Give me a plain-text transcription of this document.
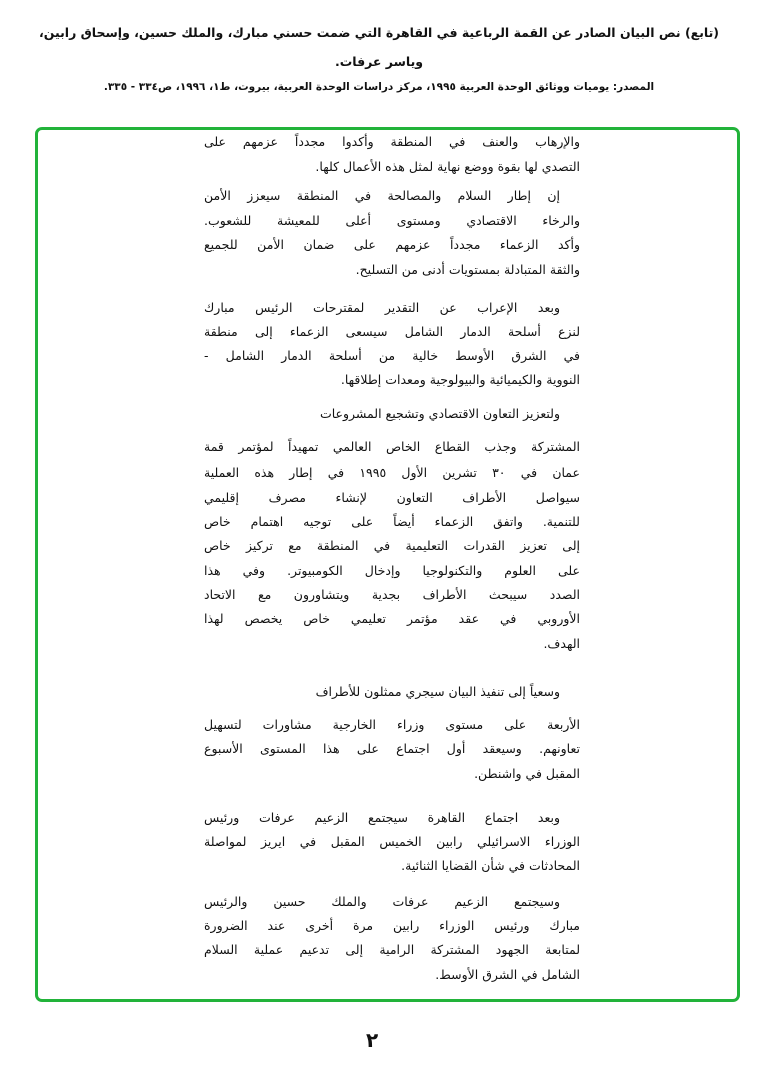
(تابع) نص البيان الصادر عن القمة الرباعية في القاهرة التي ضمت حسني مبارك، والملك حسين، وإسحاق رابين،
وياسر عرفات.
المصدر: يوميات ووثائق الوحدة العربية ١٩٩٥، مركز دراسات الوحدة العربية، بيروت، ط١، ١٩٩٦، ص٣٣٤ - ٣٣٥.
والإرهاب والعنف في المنطقة وأكدوا مجدداً عزمهم على
التصدي لها بقوة ووضع نهاية لمثل هذه الأعمال كلها.
إن إطار السلام والمصالحة في المنطقة سيعزز الأمن
والرخاء الاقتصادي ومستوى أعلى للمعيشة للشعوب.
وأكد الزعماء مجدداً عزمهم على ضمان الأمن للجميع
والثقة المتبادلة بمستويات أدنى من التسليح.
وبعد الإعراب عن التقدير لمقترحات الرئيس مبارك
لنزع أسلحة الدمار الشامل سيسعى الزعماء إلى منطقة
في الشرق الأوسط خالية من أسلحة الدمار الشامل -
النووية والكيميائية والبيولوجية ومعدات إطلاقها.
ولتعزيز التعاون الاقتصادي وتشجيع المشروعات
المشتركة وجذب القطاع الخاص العالمي تمهيداً لمؤتمر قمة
عمان في ٣٠ تشرين الأول ١٩٩٥ في إطار هذه العملية
سيواصل الأطراف التعاون لإنشاء مصرف إقليمي
للتنمية. واتفق الزعماء أيضاً على توجيه اهتمام خاص
إلى تعزيز القدرات التعليمية في المنطقة مع تركيز خاص
على العلوم والتكنولوجيا وإدخال الكومبيوتر. وفي هذا
الصدد سيبحث الأطراف بجدية ويتشاورون مع الاتحاد
الأوروبي في عقد مؤتمر تعليمي خاص يخصص لهذا
الهدف.
وسعياً إلى تنفيذ البيان سيجري ممثلون للأطراف
الأربعة على مستوى وزراء الخارجية مشاورات لتسهيل
تعاونهم. وسيعقد أول اجتماع على هذا المستوى الأسبوع
المقبل في واشنطن.
وبعد اجتماع القاهرة سيجتمع الزعيم عرفات ورئيس
الوزراء الاسرائيلي رابين الخميس المقبل في ايريز لمواصلة
المحادثات في شأن القضايا الثنائية.
وسيجتمع الزعيم عرفات والملك حسين والرئيس
مبارك ورئيس الوزراء رابين مرة أخرى عند الضرورة
لمتابعة الجهود المشتركة الرامية إلى تدعيم عملية السلام
الشامل في الشرق الأوسط.
٢
